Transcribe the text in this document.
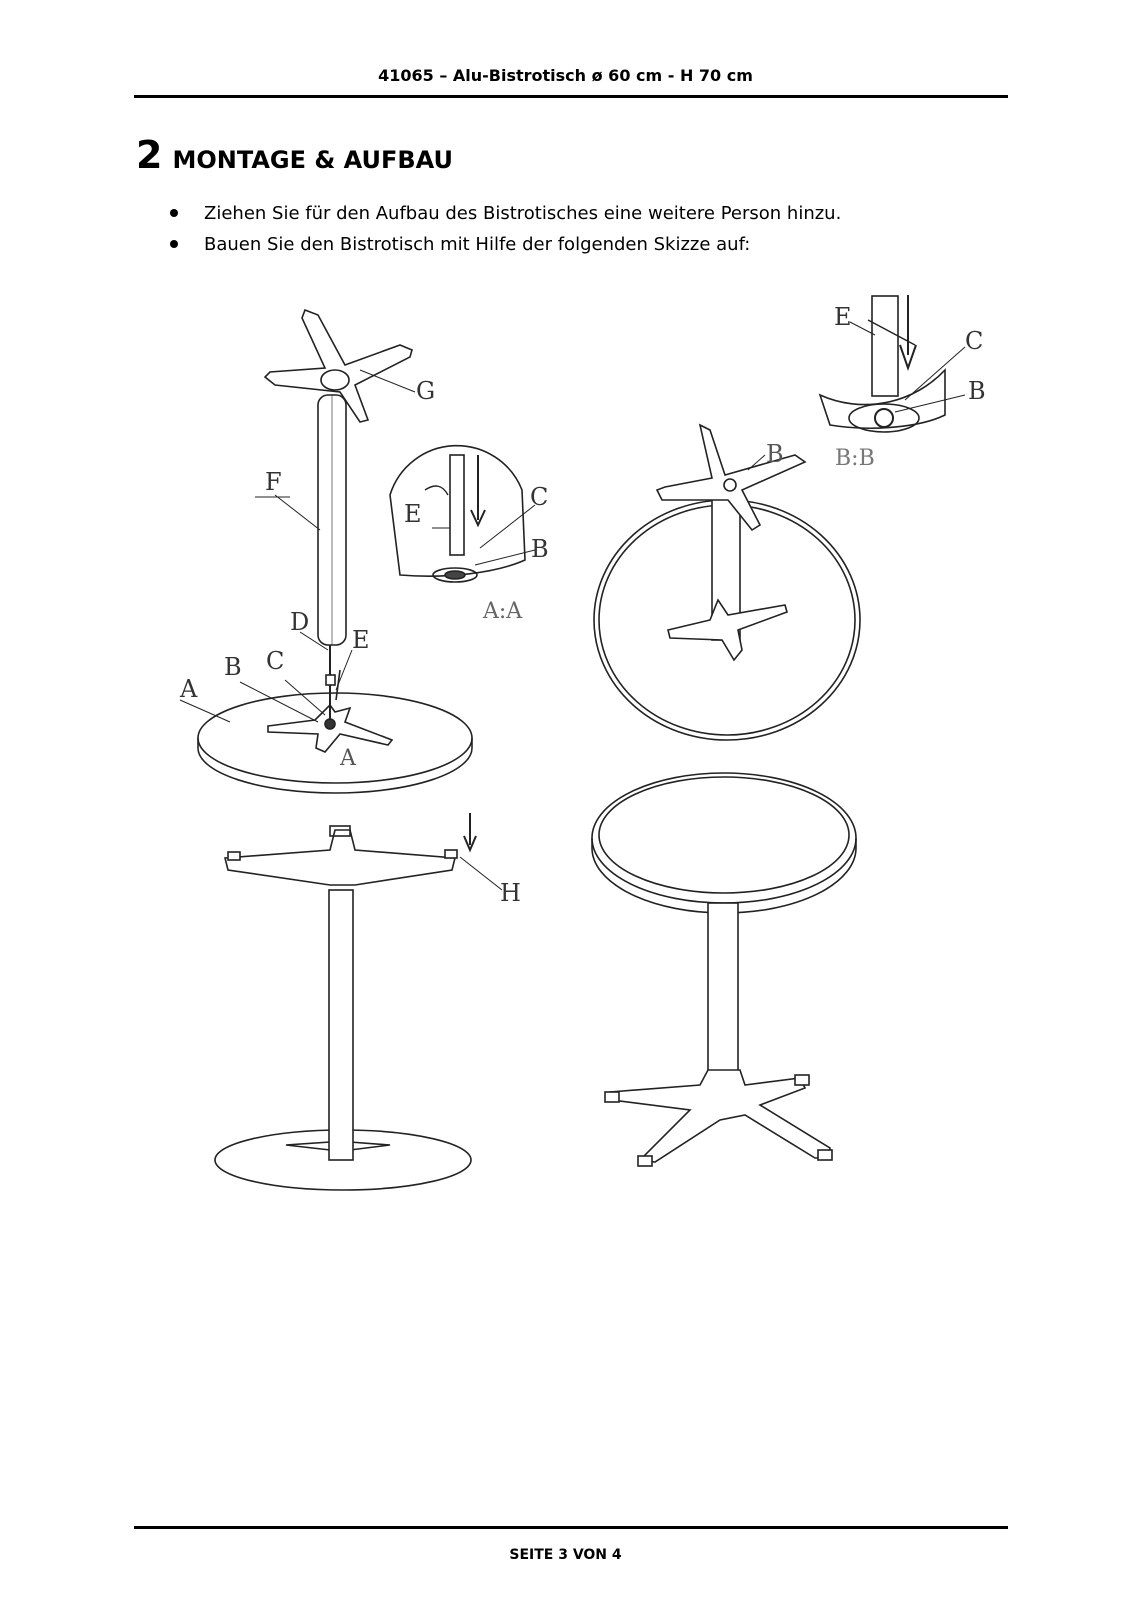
41065 – Alu-Bistrotisch ø 60 cm - H 70 cm
2 MONTAGE & AUFBAU
Ziehen Sie für den Aufbau des Bistrotisches eine weitere Person hinzu.
Bauen Sie den Bistrotisch mit Hilfe der folgenden Skizze auf:
A
B C
D
E
F
G
A
E
C
B
A:A
B
E
C
B
B:B
H
SEITE 3 VON 4
